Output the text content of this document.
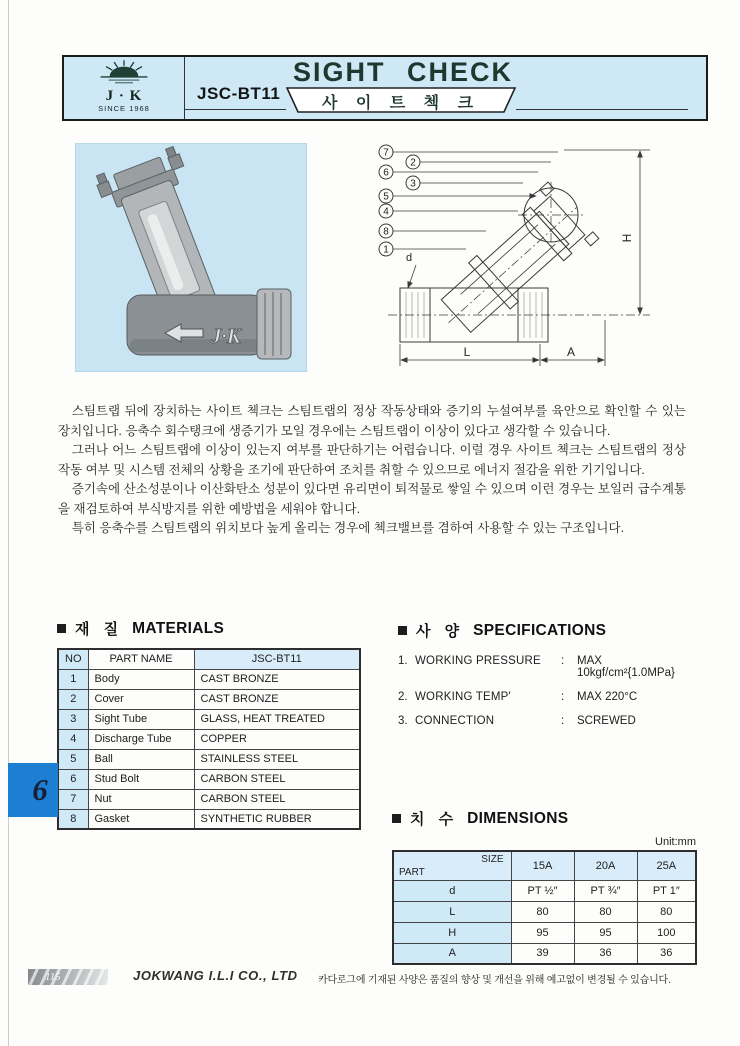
J · K
SINCE 1968
JSC-BT11
SIGHT CHECK
사 이 트 첵 크
J·K
7
2
6
3
5
4
8
1
d
H
L	A

스팀트랩 뒤에 장치하는 사이트 첵크는 스팀트랩의 정상 작동상태와 증기의 누설여부를 육안으로 확인할 수 있는 장치입니다. 응축수 회수탱크에 생증기가 모일 경우에는 스팀트랩이 이상이 있다고 생각할 수 있습니다.

그러나 어느 스팀트랩에 이상이 있는지 여부를 판단하기는 어렵습니다. 이럴 경우 사이트 첵크는 스팀트랩의 정상작동 여부 및 시스템 전체의 상황을 조기에 판단하여 조치를 취할 수 있으므로 에너지 절감을 위한 기기입니다.

증기속에 산소성분이나 이산화탄소 성분이 있다면 유리면이 퇴적물로 쌓일 수 있으며 이런 경우는 보일러 급수계통을 재검토하여 부식방지를 위한 예방법을 세워야 합니다.

특히 응축수를 스팀트랩의 위치보다 높게 올리는 경우에 첵크밸브를 겸하여 사용할 수 있는 구조입니다.

재 질 MATERIALS
NO	PART NAME	JSC-BT11
1	Body	CAST BRONZE
2	Cover	CAST BRONZE
3	Sight Tube	GLASS, HEAT TREATED
4	Discharge Tube	COPPER
5	Ball	STAINLESS STEEL
6	Stud Bolt	CARBON STEEL
7	Nut	CARBON STEEL
8	Gasket	SYNTHETIC RUBBER
사 양 SPECIFICATIONS
1. WORKING PRESSURE	:	MAX 10kgf/cm²{1.0MPa}
2. WORKING TEMP'	:	MAX 220°C
3. CONNECTION	:	SCREWED
치 수 DIMENSIONS
Unit:mm
SIZE
PART	15A	20A	25A
d	PT ½″	PT ¾″	PT 1″
L	80	80	80
H	95	95	100
A	39	36	36
6
115	JOKWANG I.L.I CO., LTD 카다로그에 기재된 사양은 품질의 향상 및 개선을 위해 예고없이 변경될 수 있습니다.
